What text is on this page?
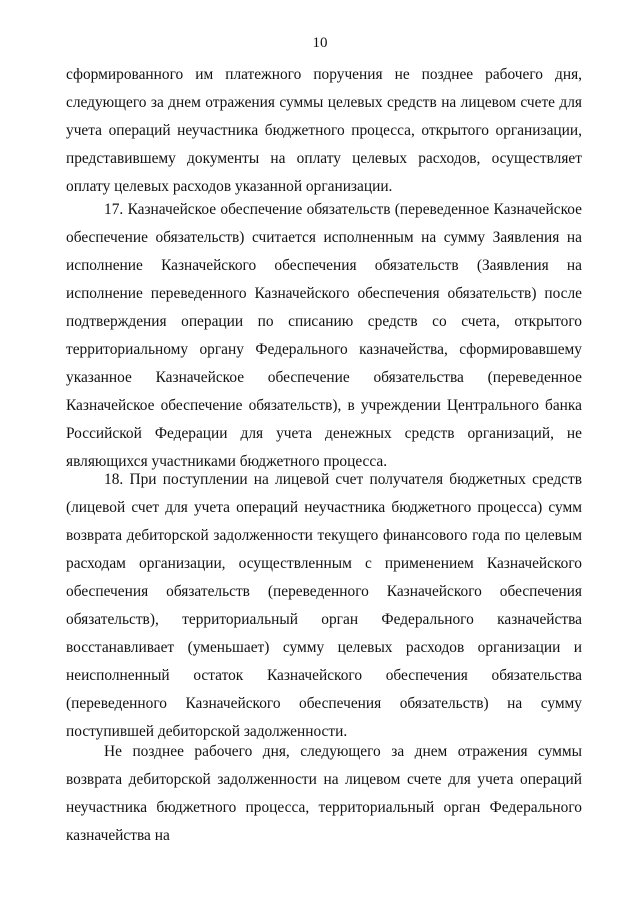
10

сформированного им платежного поручения не позднее рабочего дня, следующего за днем отражения суммы целевых средств на лицевом счете для учета операций неучастника бюджетного процесса, открытого организации, представившему документы на оплату целевых расходов, осуществляет оплату целевых расходов указанной организации.

17. Казначейское обеспечение обязательств (переведенное Казначейское обеспечение обязательств) считается исполненным на сумму Заявления на исполнение Казначейского обеспечения обязательств (Заявления на исполнение переведенного Казначейского обеспечения обязательств) после подтверждения операции по списанию средств со счета, открытого территориальному органу Федерального казначейства, сформировавшему указанное Казначейское обеспечение обязательства (переведенное Казначейское обеспечение обязательств), в учреждении Центрального банка Российской Федерации для учета денежных средств организаций, не являющихся участниками бюджетного процесса.

18. При поступлении на лицевой счет получателя бюджетных средств (лицевой счет для учета операций неучастника бюджетного процесса) сумм возврата дебиторской задолженности текущего финансового года по целевым расходам организации, осуществленным с применением Казначейского обеспечения обязательств (переведенного Казначейского обеспечения обязательств), территориальный орган Федерального казначейства восстанавливает (уменьшает) сумму целевых расходов организации и неисполненный остаток Казначейского обеспечения обязательства (переведенного Казначейского обеспечения обязательств) на сумму поступившей дебиторской задолженности.

Не позднее рабочего дня, следующего за днем отражения суммы возврата дебиторской задолженности на лицевом счете для учета операций неучастника бюджетного процесса, территориальный орган Федерального казначейства на
